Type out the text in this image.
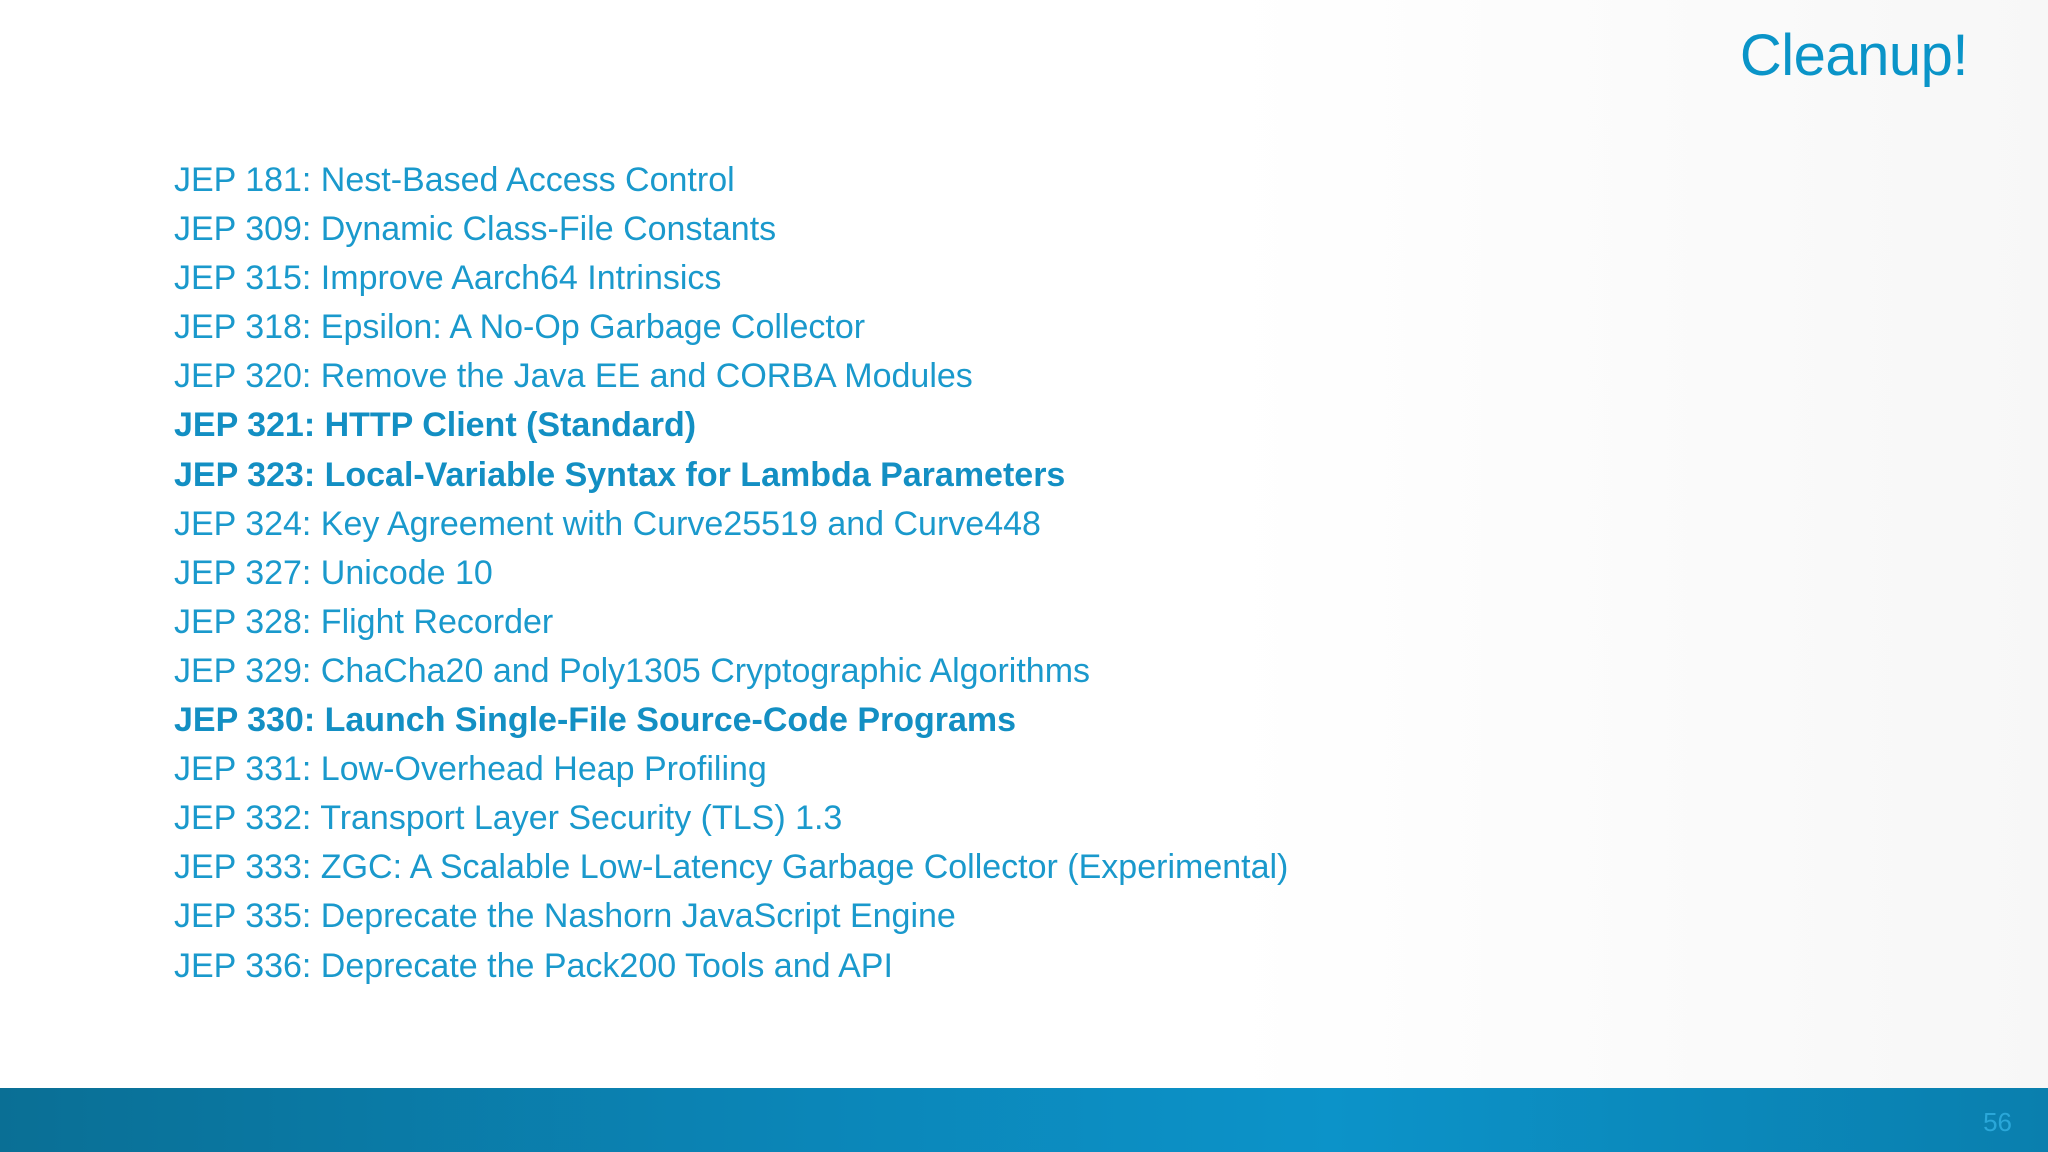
Cleanup!
JEP 181: Nest-Based Access Control
JEP 309: Dynamic Class-File Constants
JEP 315: Improve Aarch64 Intrinsics
JEP 318: Epsilon: A No-Op Garbage Collector
JEP 320: Remove the Java EE and CORBA Modules
JEP 321: HTTP Client (Standard)
JEP 323: Local-Variable Syntax for Lambda Parameters
JEP 324: Key Agreement with Curve25519 and Curve448
JEP 327: Unicode 10
JEP 328: Flight Recorder
JEP 329: ChaCha20 and Poly1305 Cryptographic Algorithms
JEP 330: Launch Single-File Source-Code Programs
JEP 331: Low-Overhead Heap Profiling
JEP 332: Transport Layer Security (TLS) 1.3
JEP 333: ZGC: A Scalable Low-Latency Garbage Collector (Experimental)
JEP 335: Deprecate the Nashorn JavaScript Engine
JEP 336: Deprecate the Pack200 Tools and API
56
